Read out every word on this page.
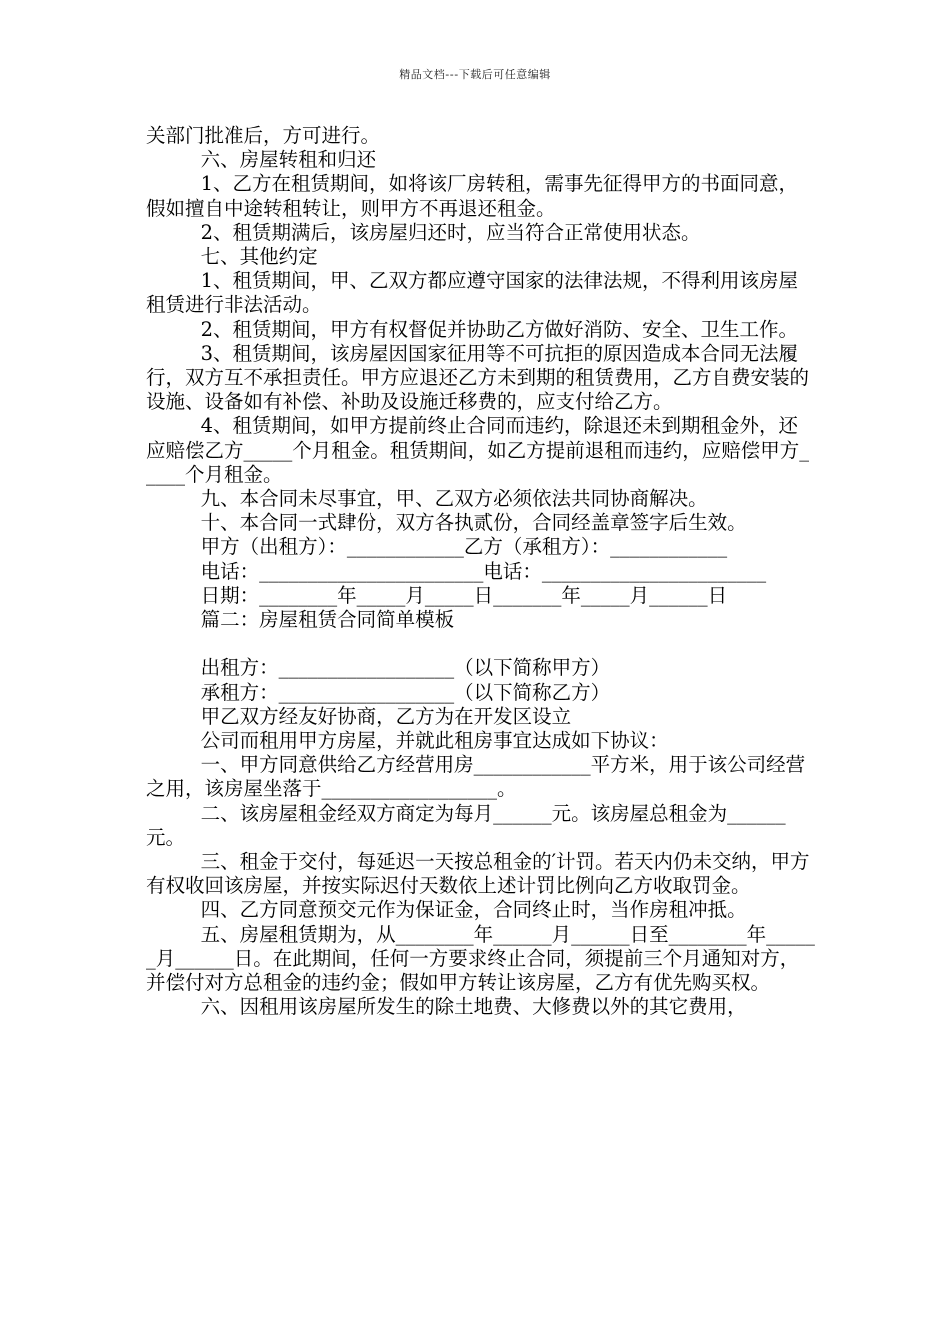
精品文档---下载后可任意编辑

关部门批准后，方可进行。

六、房屋转租和归还

1、乙方在租赁期间，如将该厂房转租，需事先征得甲方的书面同意，假如擅自中途转租转让，则甲方不再退还租金。

2、租赁期满后，该房屋归还时，应当符合正常使用状态。

七、其他约定

1、租赁期间，甲、乙双方都应遵守国家的法律法规，不得利用该房屋租赁进行非法活动。

2、租赁期间，甲方有权督促并协助乙方做好消防、安全、卫生工作。

3、租赁期间，该房屋因国家征用等不可抗拒的原因造成本合同无法履行，双方互不承担责任。甲方应退还乙方未到期的租赁费用，乙方自费安装的设施、设备如有补偿、补助及设施迁移费的，应支付给乙方。

4、租赁期间，如甲方提前终止合同而违约，除退还未到期租金外，还应赔偿乙方_____个月租金。租赁期间，如乙方提前退租而违约，应赔偿甲方_____个月租金。

九、本合同未尽事宜，甲、乙双方必须依法共同协商解决。

十、本合同一式肆份，双方各执贰份，合同经盖章签字后生效。

甲方（出租方）：____________乙方（承租方）：____________

电话：_______________________电话：_______________________

日期：________年_____月_____日_______年_____月______日

篇二：房屋租赁合同简单模板

出租方：__________________（以下简称甲方）

承租方：__________________（以下简称乙方）

甲乙双方经友好协商，乙方为在开发区设立

公司而租用甲方房屋，并就此租房事宜达成如下协议：

一、甲方同意供给乙方经营用房____________平方米，用于该公司经营之用，该房屋坐落于__________________。

二、该房屋租金经双方商定为每月______元。该房屋总租金为______元。

三、租金于交付，每延迟一天按总租金的′计罚。若天内仍未交纳，甲方有权收回该房屋，并按实际迟付天数依上述计罚比例向乙方收取罚金。

四、乙方同意预交元作为保证金，合同终止时，当作房租冲抵。

五、房屋租赁期为，从________年______月______日至________年______月______日。在此期间，任何一方要求终止合同，须提前三个月通知对方，并偿付对方总租金的违约金；假如甲方转让该房屋，乙方有优先购买权。

六、因租用该房屋所发生的除土地费、大修费以外的其它费用，
